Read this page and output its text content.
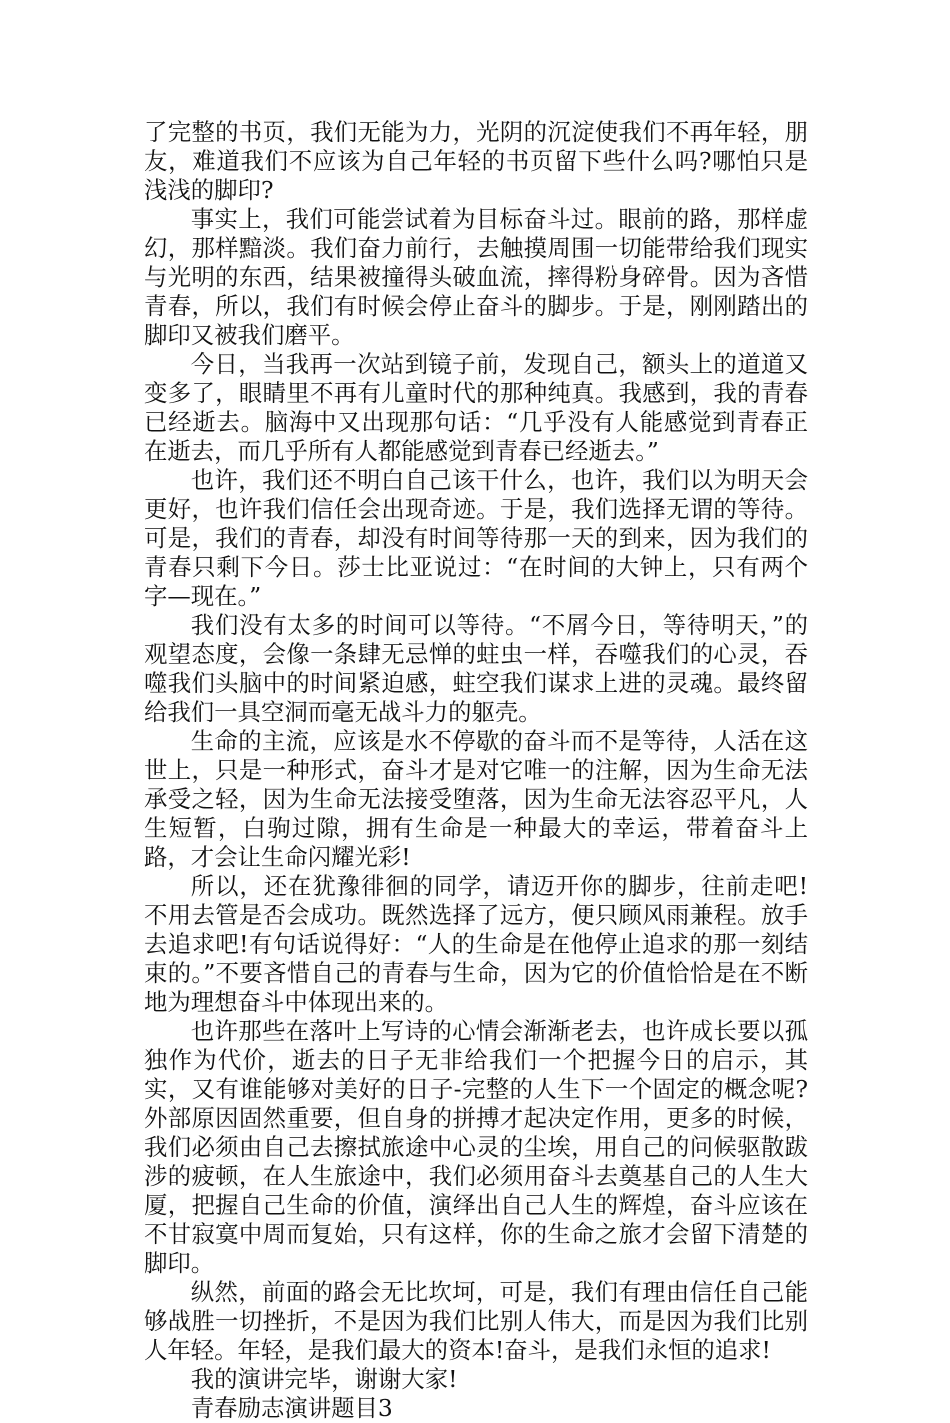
了完整的书页，我们无能为力，光阴的沉淀使我们不再年轻，朋友，难道我们不应该为自己年轻的书页留下些什么吗?哪怕只是浅浅的脚印?

事实上，我们可能尝试着为目标奋斗过。眼前的路，那样虚幻，那样黯淡。我们奋力前行，去触摸周围一切能带给我们现实与光明的东西，结果被撞得头破血流，摔得粉身碎骨。因为吝惜青春，所以，我们有时候会停止奋斗的脚步。于是，刚刚踏出的脚印又被我们磨平。

今日，当我再一次站到镜子前，发现自己，额头上的道道又变多了，眼睛里不再有儿童时代的那种纯真。我感到，我的青春已经逝去。脑海中又出现那句话：“几乎没有人能感觉到青春正在逝去，而几乎所有人都能感觉到青春已经逝去。”

也许，我们还不明白自己该干什么，也许，我们以为明天会更好，也许我们信任会出现奇迹。于是，我们选择无谓的等待。可是，我们的青春，却没有时间等待那一天的到来，因为我们的青春只剩下今日。莎士比亚说过：“在时间的大钟上，只有两个字—现在。”

我们没有太多的时间可以等待。“不屑今日，等待明天，”的观望态度，会像一条肆无忌惮的蛀虫一样，吞噬我们的心灵，吞噬我们头脑中的时间紧迫感，蛀空我们谋求上进的灵魂。最终留给我们一具空洞而毫无战斗力的躯壳。

生命的主流，应该是水不停歇的奋斗而不是等待，人活在这世上，只是一种形式，奋斗才是对它唯一的注解，因为生命无法承受之轻，因为生命无法接受堕落，因为生命无法容忍平凡，人生短暂，白驹过隙，拥有生命是一种最大的幸运，带着奋斗上路，才会让生命闪耀光彩!

所以，还在犹豫徘徊的同学，请迈开你的脚步，往前走吧!不用去管是否会成功。既然选择了远方，便只顾风雨兼程。放手去追求吧!有句话说得好：“人的生命是在他停止追求的那一刻结束的。”不要吝惜自己的青春与生命，因为它的价值恰恰是在不断地为理想奋斗中体现出来的。

也许那些在落叶上写诗的心情会渐渐老去，也许成长要以孤独作为代价，逝去的日子无非给我们一个把握今日的启示，其实，又有谁能够对美好的日子-完整的人生下一个固定的概念呢?外部原因固然重要，但自身的拼搏才起决定作用，更多的时候，我们必须由自己去擦拭旅途中心灵的尘埃，用自己的问候驱散跋涉的疲顿，在人生旅途中，我们必须用奋斗去奠基自己的人生大厦，把握自己生命的价值，演绎出自己人生的辉煌，奋斗应该在不甘寂寞中周而复始，只有这样，你的生命之旅才会留下清楚的脚印。

纵然，前面的路会无比坎坷，可是，我们有理由信任自己能够战胜一切挫折，不是因为我们比别人伟大，而是因为我们比别人年轻。年轻，是我们最大的资本!奋斗，是我们永恒的追求!

我的演讲完毕，谢谢大家!

青春励志演讲题目3
